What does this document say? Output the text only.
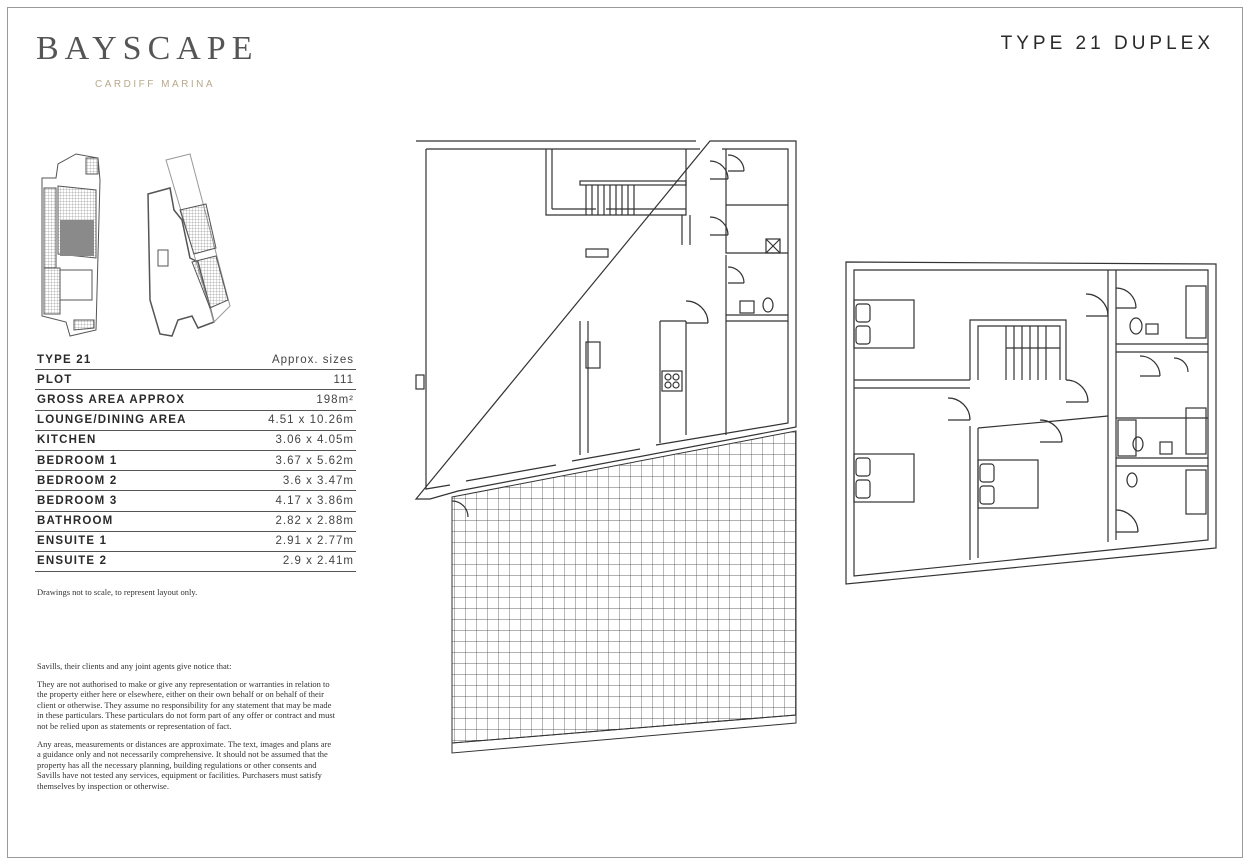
BAYSCAPE
CARDIFF MARINA
TYPE 21 DUPLEX
TYPE 21	Approx. sizes
PLOT	111
GROSS AREA APPROX	198m²
LOUNGE/DINING AREA	4.51 x 10.26m
KITCHEN	3.06 x 4.05m
BEDROOM 1	3.67 x 5.62m
BEDROOM 2	3.6 x 3.47m
BEDROOM 3	4.17 x 3.86m
BATHROOM	2.82 x 2.88m
ENSUITE 1	2.91 x 2.77m
ENSUITE 2	2.9 x 2.41m
Drawings not to scale, to represent layout only.

Savills, their clients and any joint agents give notice that:

They are not authorised to make or give any representation or warranties in relation to the property either here or elsewhere, either on their own behalf or on behalf of their client or otherwise. They assume no responsibility for any statement that may be made in these particulars. These particulars do not form part of any offer or contract and must not be relied upon as statements or representation of fact.

Any areas, measurements or distances are approximate. The text, images and plans are a guidance only and not necessarily comprehensive. It should not be assumed that the property has all the necessary planning, building regulations or other consents and Savills have not tested any services, equipment or facilities. Purchasers must satisfy themselves by inspection or otherwise.
